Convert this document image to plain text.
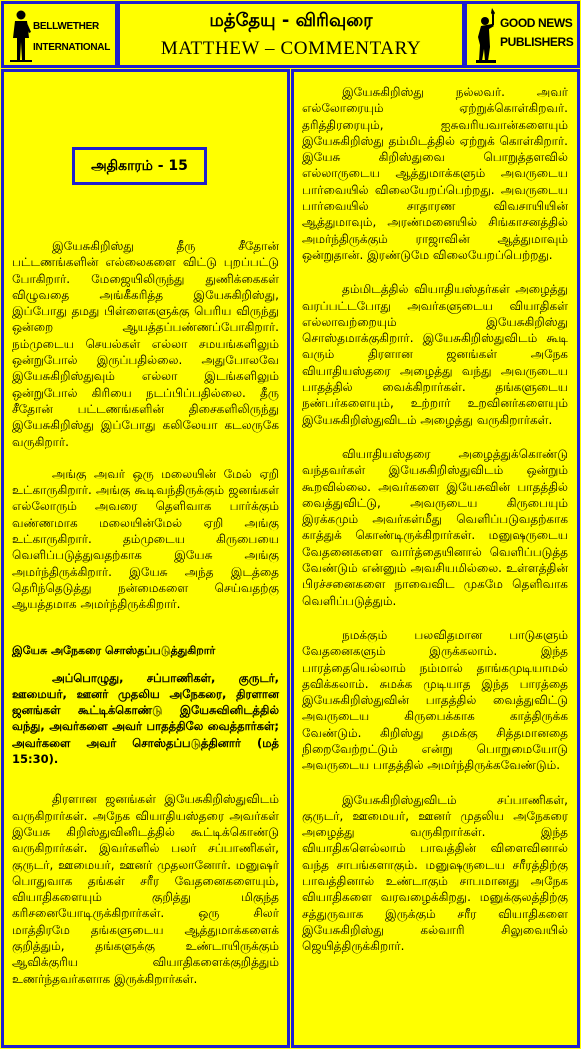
BELLWETHER
INTERNATIONAL
மத்தேயு - விரிவுரை
MATTHEW – COMMENTARY
GOOD NEWS
PUBLISHERS
அதிகாரம் - 15

இயேசுகிறிஸ்து தீரு சீதோன் பட்டணங்களின் எல்லைகளை விட்டு புறப்பட்டு போகிறார். மேஜையிலிருந்து துணிக்கைகள் விழுவதை அங்கீகரித்த இயேசுகிறிஸ்து, இப்போது தமது பிள்ளைகளுக்கு பெரிய விருந்து ஒன்றை ஆயத்தப்பண்ணப்போகிறார். நம்முடைய செயல்கள் எல்லா சமயங்களிலும் ஒன்றுபோல் இருப்பதில்லை. அதுபோலவே இயேசுகிறிஸ்துவும் எல்லா இடங்களிலும் ஒன்றுபோல் கிரியை நடப்பிப்பதில்லை. தீரு சீதோன் பட்டணங்களின் திசைகளிலிருந்து இயேசுகிறிஸ்து இப்போது கலிலேயா கடலருகே வருகிறார்.

அங்கு அவர் ஒரு மலையின் மேல் ஏறி உட்காருகிறார். அங்கு கூடிவந்திருக்கும் ஜனங்கள் எல்லோரும் அவரை தெளிவாக பார்க்கும் வண்ணமாக மலையின்மேல் ஏறி அங்கு உட்காருகிறார். தம்முடைய கிருபையை வெளிப்படுத்துவதற்காக இயேசு அங்கு அமர்ந்திருக்கிறார். இயேசு அந்த இடத்தை தெரிந்தெடுத்து நன்மைகளை செய்வதற்கு ஆயத்தமாக அமர்ந்திருக்கிறார்.

இயேசு அநேகரை சொஸ்தப்படுத்துகிறார்

அப்பொழுது, சப்பாணிகள், குருடர், ஊமையர், ஊனர் முதலிய அநேகரை, திரளான ஜனங்கள் கூட்டிக்கொண்டு இயேசுவினிடத்தில் வந்து, அவர்களை அவர் பாதத்திலே வைத்தார்கள்; அவர்களை அவர் சொஸ்தப்படுத்தினார் (மத் 15:30).

திரளான ஜனங்கள் இயேசுகிறிஸ்துவிடம் வருகிறார்கள். அநேக வியாதியஸ்தரை அவர்கள் இயேசு கிறிஸ்துவினிடத்தில் கூட்டிக்கொண்டு வருகிறார்கள். இவர்களில் பலர் சப்பாணிகள், குருடர், ஊமையர், ஊனர் முதலானோர். மனுஷர் பொதுவாக தங்கள் சரீர வேதனைகளையும், வியாதிகளையும் குறித்து மிகுந்த கரிசனையோடிருக்கிறார்கள். ஒரு சிலர் மாத்திரமே தங்களுடைய ஆத்துமாக்களைக் குறித்தும், தங்களுக்கு உண்டாயிருக்கும் ஆவிக்குரிய வியாதிகளைக்குறித்தும் உணர்ந்தவர்களாக இருக்கிறார்கள்.

இயேசுகிறிஸ்து நல்லவர். அவர் எல்லோரையும் ஏற்றுக்கொள்கிறவர். தரித்திரரையும், ஐசுவரியவான்களையும் இயேசுகிறிஸ்து தம்மிடத்தில் ஏற்றுக் கொள்கிறார். இயேசு கிறிஸ்துவை பொறுத்தளவில் எல்லாருடைய ஆத்துமாக்களும் அவருடைய பார்வையில் விலையேறப்பெற்றது. அவருடைய பார்வையில் சாதாரண விவசாயியின் ஆத்துமாவும், அரண்மனையில் சிங்காசனத்தில் அமர்ந்திருக்கும் ராஜாவின் ஆத்துமாவும் ஒன்றுதான். இரண்டுமே விலையேறப்பெற்றது.

தம்மிடத்தில் வியாதியஸ்தர்கள் அழைத்து வரப்பட்டபோது அவர்களுடைய வியாதிகள் எல்லாவற்றையும் இயேசுகிறிஸ்து சொஸ்தமாக்குகிறார். இயேசுகிறிஸ்துவிடம் கூடி வரும் திரளான ஜனங்கள் அநேக வியாதியஸ்தரை அழைத்து வந்து அவருடைய பாதத்தில் வைக்கிறார்கள். தங்களுடைய நண்பர்களையும், உற்றார் உறவினர்களையும் இயேசுகிறிஸ்துவிடம் அழைத்து வருகிறார்கள்.

வியாதியஸ்தரை அழைத்துக்கொண்டு வந்தவர்கள் இயேசுகிறிஸ்துவிடம் ஒன்றும் கூறவில்லை. அவர்களை இயேசுவின் பாதத்தில் வைத்துவிட்டு, அவருடைய கிருபையும் இரக்கமும் அவர்கள்மீது வெளிப்படுவதற்காக காத்துக் கொண்டிருக்கிறார்கள். மனுஷருடைய வேதனைகளை வார்த்தையினால் வெளிப்படுத்த வேண்டும் என்னும் அவசியமில்லை. உள்ளத்தின் பிரச்சனைகளை நாவைவிட முகமே தெளிவாக வெளிப்படுத்தும்.

நமக்கும் பலவிதமான பாடுகளும் வேதனைகளும் இருக்கலாம். இந்த பாரத்தையெல்லாம் நம்மால் தாங்கமுடியாமல் தவிக்கலாம். சுமக்க முடியாத இந்த பாரத்தை இயேசுகிறிஸ்துவின் பாதத்தில் வைத்துவிட்டு அவருடைய கிருபைக்காக காத்திருக்க வேண்டும். கிறிஸ்து தமக்கு சித்தமானதை நிறைவேற்றட்டும் என்று பொறுமையோடு அவருடைய பாதத்தில் அமர்ந்திருக்கவேண்டும்.

இயேசுகிறிஸ்துவிடம் சப்பாணிகள், குருடர், ஊமையர், ஊனர் முதலிய அநேகரை அழைத்து வருகிறார்கள். இந்த வியாதிகளெல்லாம் பாவத்தின் விளைவினால் வந்த சாபங்களாகும். மனுஷருடைய சரீரத்திற்கு பாவத்தினால் உண்டாகும் சாபமானது அநேக வியாதிகளை வரவழைக்கிறது. மனுக்குலத்திற்கு சத்துருவாக இருக்கும் சரீர வியாதிகளை இயேசுகிறிஸ்து கல்வாரி சிலுவையில் ஜெயித்திருக்கிறார்.
